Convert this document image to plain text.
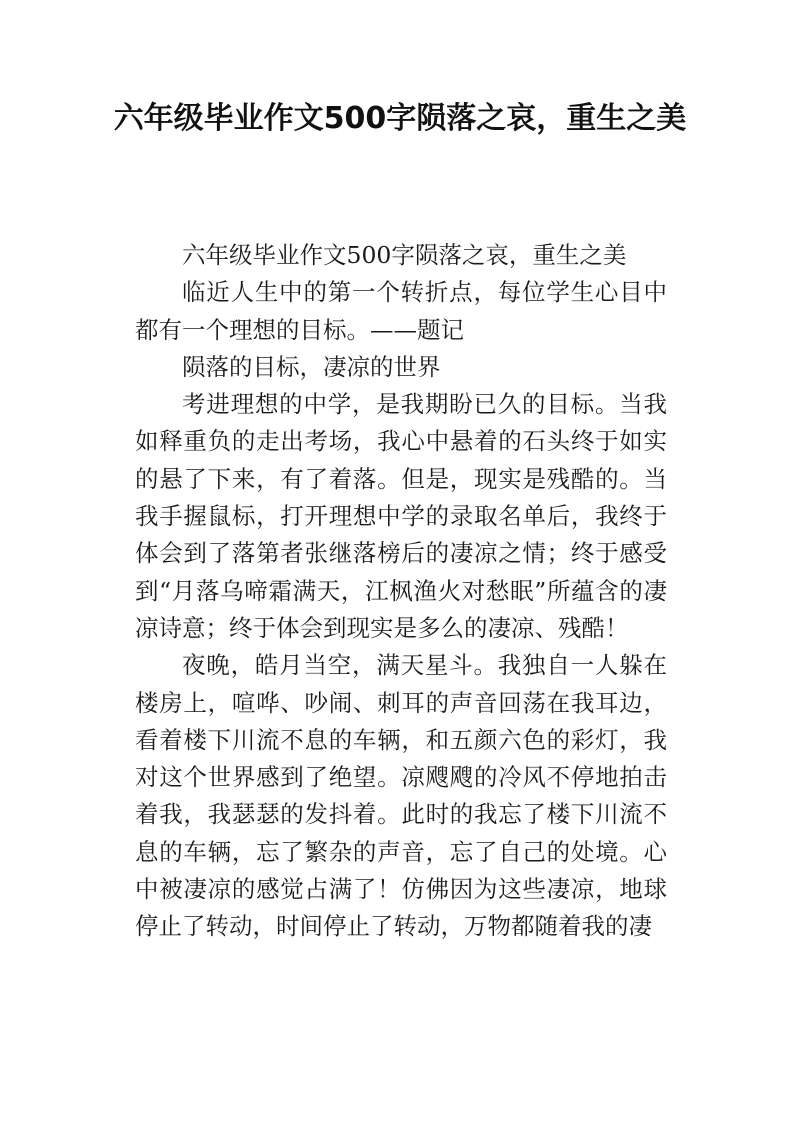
六年级毕业作文500字陨落之哀，重生之美

六年级毕业作文500字陨落之哀，重生之美

临近人生中的第一个转折点，每位学生心目中都有一个理想的目标。——题记

陨落的目标，凄凉的世界

考进理想的中学，是我期盼已久的目标。当我如释重负的走出考场，我心中悬着的石头终于如实的悬了下来，有了着落。但是，现实是残酷的。当我手握鼠标，打开理想中学的录取名单后，我终于体会到了落第者张继落榜后的凄凉之情；终于感受到“月落乌啼霜满天，江枫渔火对愁眠”所蕴含的凄凉诗意；终于体会到现实是多么的凄凉、残酷！

夜晚，皓月当空，满天星斗。我独自一人躲在楼房上，喧哗、吵闹、刺耳的声音回荡在我耳边，看着楼下川流不息的车辆，和五颜六色的彩灯，我对这个世界感到了绝望。凉飕飕的冷风不停地拍击着我，我瑟瑟的发抖着。此时的我忘了楼下川流不息的车辆，忘了繁杂的声音，忘了自己的处境。心中被凄凉的感觉占满了！仿佛因为这些凄凉，地球停止了转动，时间停止了转动，万物都随着我的凄
